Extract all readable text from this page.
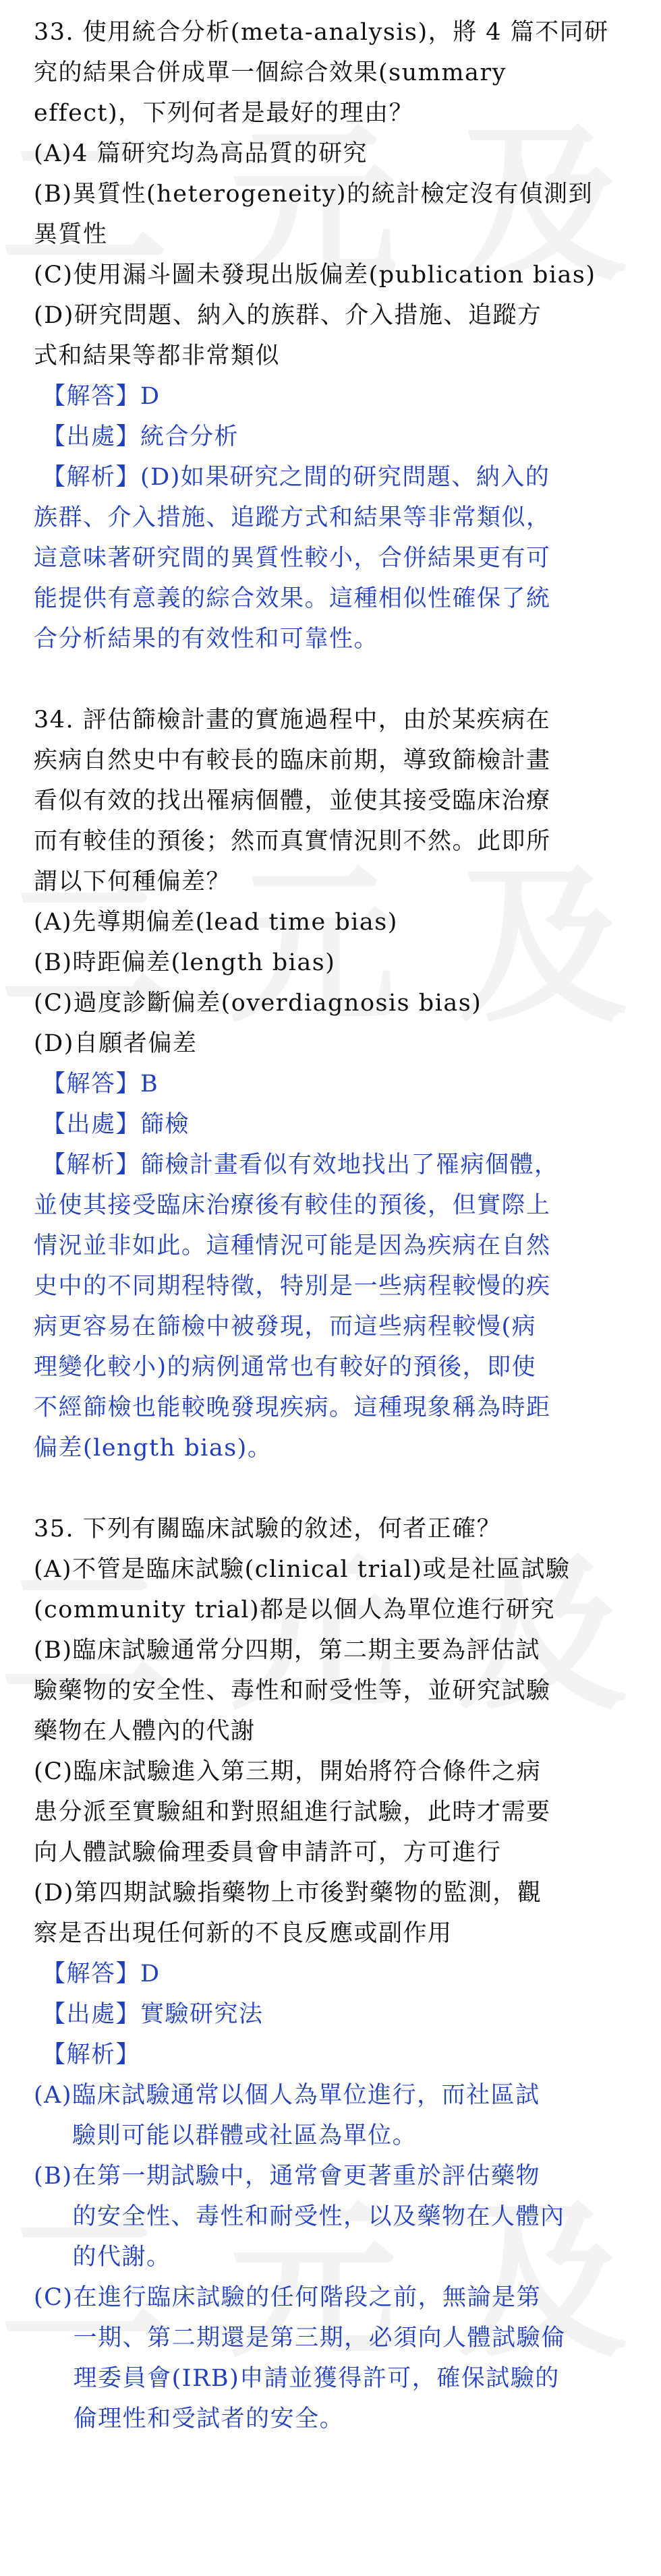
33. 使用統合分析(meta-analysis)，將 4 篇不同研
究的結果合併成單一個綜合效果(summary
effect)，下列何者是最好的理由？
(A)4 篇研究均為高品質的研究
(B)異質性(heterogeneity)的統計檢定沒有偵測到
異質性
(C)使用漏斗圖未發現出版偏差(publication bias)
(D)研究問題、納入的族群、介入措施、追蹤方
式和結果等都非常類似
【解答】D
【出處】統合分析
【解析】(D)如果研究之間的研究問題、納入的
族群、介入措施、追蹤方式和結果等非常類似，
這意味著研究間的異質性較小，合併結果更有可
能提供有意義的綜合效果。這種相似性確保了統
合分析結果的有效性和可靠性。
34. 評估篩檢計畫的實施過程中，由於某疾病在
疾病自然史中有較長的臨床前期，導致篩檢計畫
看似有效的找出罹病個體，並使其接受臨床治療
而有較佳的預後；然而真實情況則不然。此即所
謂以下何種偏差？
(A)先導期偏差(lead time bias)
(B)時距偏差(length bias)
(C)過度診斷偏差(overdiagnosis bias)
(D)自願者偏差
【解答】B
【出處】篩檢
【解析】篩檢計畫看似有效地找出了罹病個體，
並使其接受臨床治療後有較佳的預後，但實際上
情況並非如此。這種情況可能是因為疾病在自然
史中的不同期程特徵，特別是一些病程較慢的疾
病更容易在篩檢中被發現，而這些病程較慢(病
理變化較小)的病例通常也有較好的預後，即使
不經篩檢也能較晚發現疾病。這種現象稱為時距
偏差(length bias)。
35. 下列有關臨床試驗的敘述，何者正確？
(A)不管是臨床試驗(clinical trial)或是社區試驗
(community trial)都是以個人為單位進行研究
(B)臨床試驗通常分四期，第二期主要為評估試
驗藥物的安全性、毒性和耐受性等，並研究試驗
藥物在人體內的代謝
(C)臨床試驗進入第三期，開始將符合條件之病
患分派至實驗組和對照組進行試驗，此時才需要
向人體試驗倫理委員會申請許可，方可進行
(D)第四期試驗指藥物上市後對藥物的監測，觀
察是否出現任何新的不良反應或副作用
【解答】D
【出處】實驗研究法
【解析】
(A) 臨床試驗通常以個人為單位進行，而社區試
驗則可能以群體或社區為單位。
(B) 在第一期試驗中，通常會更著重於評估藥物
的安全性、毒性和耐受性，以及藥物在人體內
的代謝。
(C) 在進行臨床試驗的任何階段之前，無論是第
一期、第二期還是第三期，必須向人體試驗倫
理委員會(IRB)申請並獲得許可，確保試驗的
倫理性和受試者的安全。
